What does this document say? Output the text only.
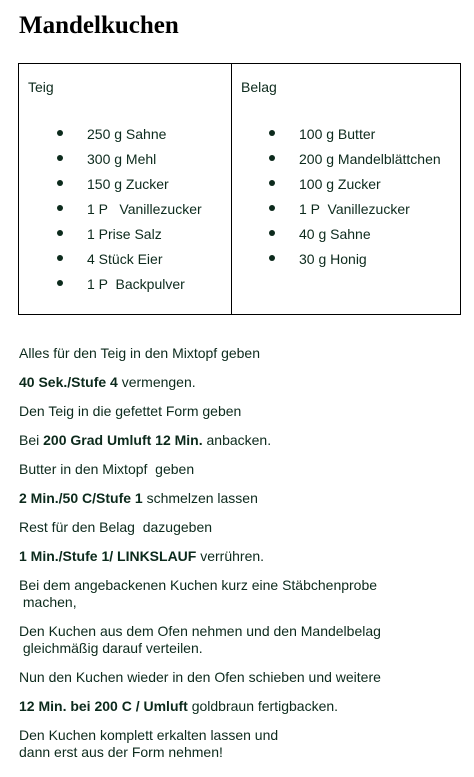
Mandelkuchen
Teig
250 g Sahne
300 g Mehl
150 g Zucker
1 P   Vanillezucker
1 Prise Salz
4 Stück Eier
1 P  Backpulver
Belag
100 g Butter
200 g Mandelblättchen
100 g Zucker
1 P  Vanillezucker
40 g Sahne
30 g Honig

Alles für den Teig in den Mixtopf geben

40 Sek./Stufe 4 vermengen.

Den Teig in die gefettet Form geben

Bei 200 Grad Umluft 12 Min. anbacken.

Butter in den Mixtopf  geben

2 Min./50 C/Stufe 1 schmelzen lassen

Rest für den Belag  dazugeben

1 Min./Stufe 1/ LINKSLAUF verrühren.

Bei dem angebackenen Kuchen kurz eine Stäbchenprobe
machen,

Den Kuchen aus dem Ofen nehmen und den Mandelbelag
gleichmäßig darauf verteilen.

Nun den Kuchen wieder in den Ofen schieben und weitere

12 Min. bei 200 C / Umluft goldbraun fertigbacken.

Den Kuchen komplett erkalten lassen und
dann erst aus der Form nehmen!
